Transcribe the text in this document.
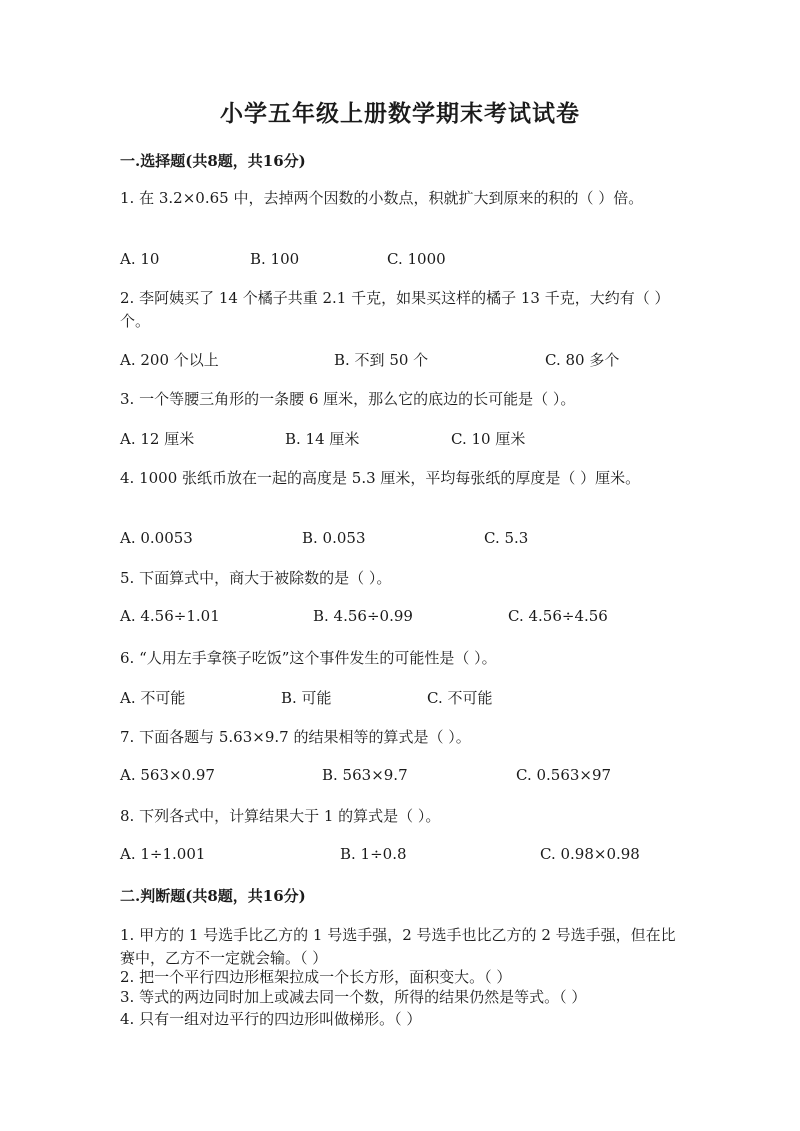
小学五年级上册数学期末考试试卷
一.选择题(共8题，共16分)
1. 在 3.2×0.65 中，去掉两个因数的小数点，积就扩大到原来的积的（ ）倍。
A. 10	B. 100	C. 1000
2. 李阿姨买了 14 个橘子共重 2.1 千克，如果买这样的橘子 13 千克，大约有（ ）个。
A. 200 个以上	B. 不到 50 个	C. 80 多个
3. 一个等腰三角形的一条腰 6 厘米，那么它的底边的长可能是（ ）。
A. 12 厘米	B. 14 厘米	C. 10 厘米
4. 1000 张纸币放在一起的高度是 5.3 厘米，平均每张纸的厚度是（ ）厘米。
A. 0.0053	B. 0.053	C. 5.3
5. 下面算式中，商大于被除数的是（ ）。
A. 4.56÷1.01	B. 4.56÷0.99	C. 4.56÷4.56
6. “人用左手拿筷子吃饭”这个事件发生的可能性是（ ）。
A. 不可能	B. 可能	C. 不可能
7. 下面各题与 5.63×9.7 的结果相等的算式是（ ）。
A. 563×0.97	B. 563×9.7	C. 0.563×97
8. 下列各式中，计算结果大于 1 的算式是（ ）。
A. 1÷1.001	B. 1÷0.8	C. 0.98×0.98
二.判断题(共8题，共16分)
1. 甲方的 1 号选手比乙方的 1 号选手强，2 号选手也比乙方的 2 号选手强，但在比赛中，乙方不一定就会输。（ ）
2. 把一个平行四边形框架拉成一个长方形，面积变大。（ ）
3. 等式的两边同时加上或减去同一个数，所得的结果仍然是等式。（ ）
4. 只有一组对边平行的四边形叫做梯形。（ ）
